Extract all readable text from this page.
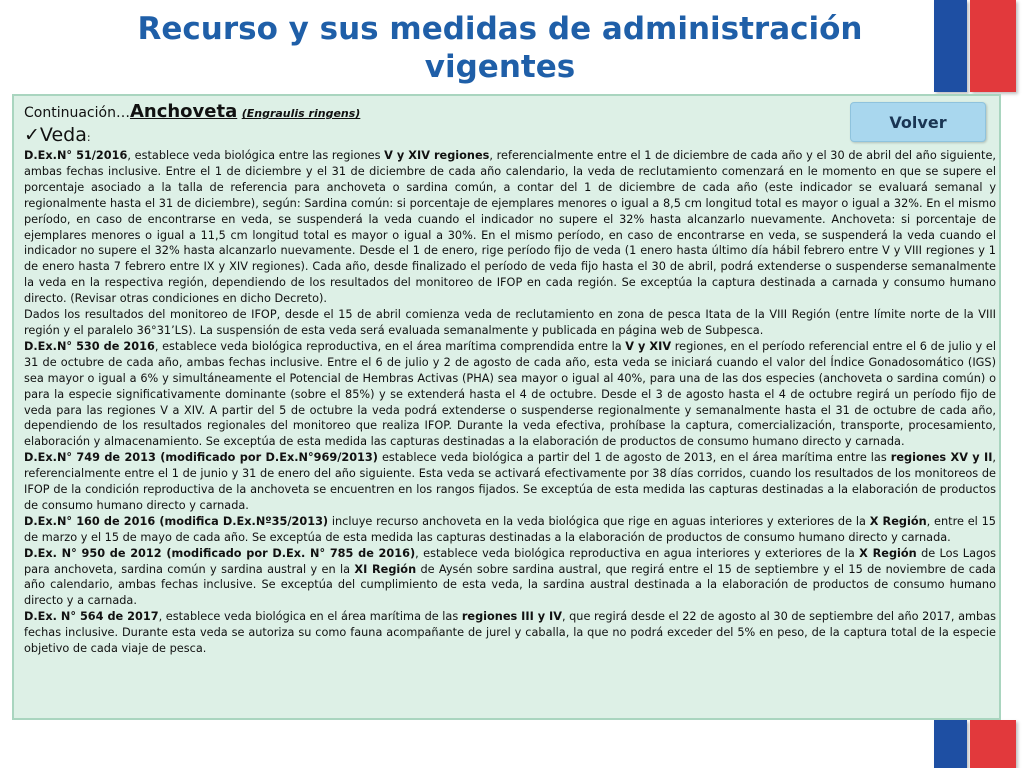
Recurso y sus medidas de administración vigentes
Continuación…Anchoveta (Engraulis ringens)
✓Veda:
Volver

D.Ex.N° 51/2016, establece veda biológica entre las regiones V y XIV regiones, referencialmente entre el 1 de diciembre de cada año y el 30 de abril del año siguiente, ambas fechas inclusive. Entre el 1 de diciembre y el 31 de diciembre de cada año calendario, la veda de reclutamiento comenzará en le momento en que se supere el porcentaje asociado a la talla de referencia para anchoveta o sardina común, a contar del 1 de diciembre de cada año (este indicador se evaluará semanal y regionalmente hasta el 31 de diciembre), según: Sardina común: si porcentaje de ejemplares menores o igual a 8,5 cm longitud total es mayor o igual a 32%. En el mismo período, en caso de encontrarse en veda, se suspenderá la veda cuando el indicador no supere el 32% hasta alcanzarlo nuevamente. Anchoveta: si porcentaje de ejemplares menores o igual a 11,5 cm longitud total es mayor o igual a 30%. En el mismo período, en caso de encontrarse en veda, se suspenderá la veda cuando el indicador no supere el 32% hasta alcanzarlo nuevamente. Desde el 1 de enero, rige período fijo de veda (1 enero hasta último día hábil febrero entre V y VIII regiones y 1 de enero hasta 7 febrero entre IX y XIV regiones). Cada año, desde finalizado el período de veda fijo hasta el 30 de abril, podrá extenderse o suspenderse semanalmente la veda en la respectiva región, dependiendo de los resultados del monitoreo de IFOP en cada región. Se exceptúa la captura destinada a carnada y consumo humano directo. (Revisar otras condiciones en dicho Decreto).

Dados los resultados del monitoreo de IFOP, desde el 15 de abril comienza veda de reclutamiento en zona de pesca Itata de la VIII Región (entre límite norte de la VIII región y el paralelo 36°31’LS). La suspensión de esta veda será evaluada semanalmente y publicada en página web de Subpesca.

D.Ex.N° 530 de 2016, establece veda biológica reproductiva, en el área marítima comprendida entre la V y XIV regiones, en el período referencial entre el 6 de julio y el 31 de octubre de cada año, ambas fechas inclusive. Entre el 6 de julio y 2 de agosto de cada año, esta veda se iniciará cuando el valor del Índice Gonadosomático (IGS) sea mayor o igual a 6% y simultáneamente el Potencial de Hembras Activas (PHA) sea mayor o igual al 40%, para una de las dos especies (anchoveta o sardina común) o para la especie significativamente dominante (sobre el 85%) y se extenderá hasta el 4 de octubre. Desde el 3 de agosto hasta el 4 de octubre regirá un período fijo de veda para las regiones V a XIV. A partir del 5 de octubre la veda podrá extenderse o suspenderse regionalmente y semanalmente hasta el 31 de octubre de cada año, dependiendo de los resultados regionales del monitoreo que realiza IFOP. Durante la veda efectiva, prohíbase la captura, comercialización, transporte, procesamiento, elaboración y almacenamiento. Se exceptúa de esta medida las capturas destinadas a la elaboración de productos de consumo humano directo y carnada.

D.Ex.N° 749 de 2013 (modificado por D.Ex.N°969/2013) establece veda biológica a partir del 1 de agosto de 2013, en el área marítima entre las regiones XV y II, referencialmente entre el 1 de junio y 31 de enero del año siguiente. Esta veda se activará efectivamente por 38 días corridos, cuando los resultados de los monitoreos de IFOP de la condición reproductiva de la anchoveta se encuentren en los rangos fijados. Se exceptúa de esta medida las capturas destinadas a la elaboración de productos de consumo humano directo y carnada.

D.Ex.N° 160 de 2016 (modifica D.Ex.Nº35/2013) incluye recurso anchoveta en la veda biológica que rige en aguas interiores y exteriores de la X Región, entre el 15 de marzo y el 15 de mayo de cada año. Se exceptúa de esta medida las capturas destinadas a la elaboración de productos de consumo humano directo y carnada.

D.Ex. N° 950 de 2012 (modificado por D.Ex. N° 785 de 2016), establece veda biológica reproductiva en agua interiores y exteriores de la X Región de Los Lagos para anchoveta, sardina común y sardina austral y en la XI Región de Aysén sobre sardina austral, que regirá entre el 15 de septiembre y el 15 de noviembre de cada año calendario, ambas fechas inclusive. Se exceptúa del cumplimiento de esta veda, la sardina austral destinada a la elaboración de productos de consumo humano directo y a carnada.

D.Ex. N° 564 de 2017, establece veda biológica en el área marítima de las regiones III y IV, que regirá desde el 22 de agosto al 30 de septiembre del año 2017, ambas fechas inclusive. Durante esta veda se autoriza su como fauna acompañante de jurel y caballa, la que no podrá exceder del 5% en peso, de la captura total de la especie objetivo de cada viaje de pesca.
